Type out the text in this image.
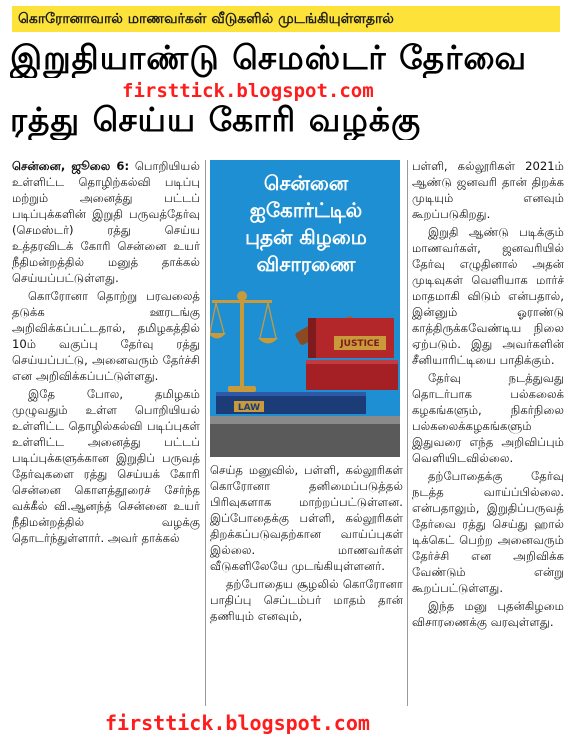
கொரோனாவால் மாணவர்கள் வீடுகளில் முடங்கியுள்ளதால்
இறுதியாண்டு செமஸ்டர் தேர்வை
firsttick.blogspot.com
ரத்து செய்ய கோரி வழக்கு

சென்னை, ஜூலை 6: பொறியியல் உள்ளிட்ட தொழிற்கல்வி படிப்பு மற்றும் அனைத்து பட்டப் படிப்புக்களின் இறுதி பருவத்தேர்வு (செமஸ்டர்) ரத்து செய்ய உத்தரவிடக் கோரி சென்னை உயர் நீதிமன்றத்தில் மனுத் தாக்கல் செய்யப்பட்டுள்ளது.

கொரோனா தொற்று பரவலைத் தடுக்க ஊரடங்கு அறிவிக்கப்பட்டதால், தமிழகத்தில் 10ம் வகுப்பு தேர்வு ரத்து செய்யப்பட்டு, அனைவரும் தேர்ச்சி என அறிவிக்கப்பட்டுள்ளது.

இதே போல, தமிழகம் முழுவதும் உள்ள பொறியியல் உள்ளிட்ட தொழில்கல்வி படிப்புகள் உள்ளிட்ட அனைத்து பட்டப் படிப்புக்களுக்கான இறுதிப் பருவத் தேர்வுகளை ரத்து செய்யக் கோரி சென்னை கொளத்தூரைச் சேர்ந்த வக்கீல் வி.ஆனந்த் சென்னை உயர் நீதிமன்றத்தில் வழக்கு தொடர்ந்துள்ளார். அவர் தாக்கல்

சென்னை
ஐகோர்ட்டில்
புதன் கிழமை
விசாரணை
JUSTICE
LAW

செய்த மனுவில், பள்ளி, கல்லூரிகள் கொரோனா தனிமைப்படுத்தல் பிரிவுகளாக மாற்றப்பட்டுள்ளன. இப்போதைக்கு பள்ளி, கல்லூரிகள் திறக்கப்படுவதற்கான வாய்ப்புகள் இல்லை. மாணவர்கள் வீடுகளிலேயே முடங்கியுள்ளனர்.

தற்போதைய சூழலில் கொரோனா பாதிப்பு செப்டம்பர் மாதம் தான் தணியும் எனவும்,

பள்ளி, கல்லூரிகள் 2021ம் ஆண்டு ஜனவரி தான் திறக்க முடியும் எனவும் கூறப்படுகிறது.

இறுதி ஆண்டு படிக்கும் மாணவர்கள், ஜனவரியில் தேர்வு எழுதினால் அதன் முடிவுகள் வெளியாக மார்ச் மாதமாகி விடும் என்பதால், இன்னும் ஓராண்டு காத்திருக்கவேண்டிய நிலை ஏற்படும். இது அவர்களின் சீனியாரிட்டியை பாதிக்கும்.

தேர்வு நடத்துவது தொடர்பாக பல்கலைக் கழகங்களும், நிகர்நிலை பல்கலைக்கழகங்களும் இதுவரை எந்த அறிவிப்பும் வெளியிடவில்லை.

தற்போதைக்கு தேர்வு நடத்த வாய்ப்பில்லை. என்பதாலும், இறுதிப்பருவத் தேர்வை ரத்து செய்து ஹால் டிக்கெட் பெற்ற அனைவரும் தேர்ச்சி என அறிவிக்க வேண்டும் என்று கூறப்பட்டுள்ளது.

இந்த மனு புதன்கிழமை விசாரணைக்கு வரவுள்ளது.

firsttick.blogspot.com
